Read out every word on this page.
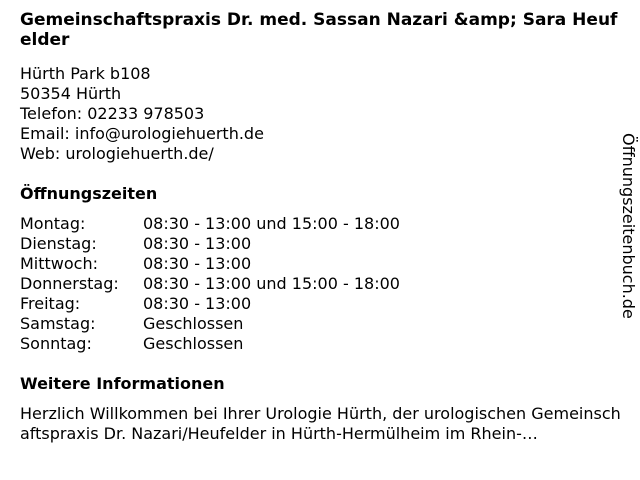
Gemeinschaftspraxis Dr. med. Sassan Nazari &amp; Sara Heufelder
Hürth Park b108
50354 Hürth
Telefon: 02233 978503
Email: info@urologiehuerth.de
Web: urologiehuerth.de/
Öffnungszeiten
Montag:	08:30 - 13:00 und 15:00 - 18:00
Dienstag:	08:30 - 13:00
Mittwoch:	08:30 - 13:00
Donnerstag:	08:30 - 13:00 und 15:00 - 18:00
Freitag:	08:30 - 13:00
Samstag:	Geschlossen
Sonntag:	Geschlossen
Weitere Informationen

Herzlich Willkommen bei Ihrer Urologie Hürth, der urologischen Gemeinschaftspraxis Dr. Nazari/Heufelder in Hürth-Hermülheim im Rhein-…

Öffnungszeitenbuch.de
